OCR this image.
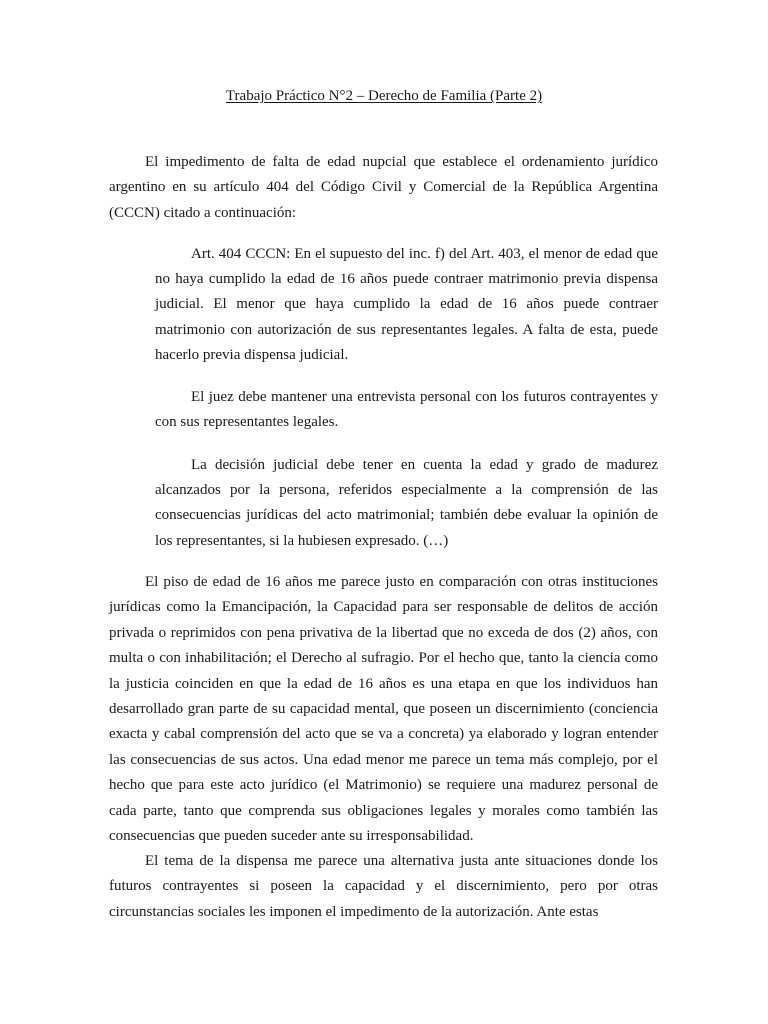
Trabajo Práctico N°2 – Derecho de Familia (Parte 2)

El impedimento de falta de edad nupcial que establece el ordenamiento jurídico argentino en su artículo 404 del Código Civil y Comercial de la República Argentina (CCCN) citado a continuación:

Art. 404 CCCN: En el supuesto del inc. f) del Art. 403, el menor de edad que no haya cumplido la edad de 16 años puede contraer matrimonio previa dispensa judicial. El menor que haya cumplido la edad de 16 años puede contraer matrimonio con autorización de sus representantes legales. A falta de esta, puede hacerlo previa dispensa judicial.

El juez debe mantener una entrevista personal con los futuros contrayentes y con sus representantes legales.

La decisión judicial debe tener en cuenta la edad y grado de madurez alcanzados por la persona, referidos especialmente a la comprensión de las consecuencias jurídicas del acto matrimonial; también debe evaluar la opinión de los representantes, si la hubiesen expresado. (…)

El piso de edad de 16 años me parece justo en comparación con otras instituciones jurídicas como la Emancipación, la Capacidad para ser responsable de delitos de acción privada o reprimidos con pena privativa de la libertad que no exceda de dos (2) años, con multa o con inhabilitación; el Derecho al sufragio. Por el hecho que, tanto la ciencia como la justicia coinciden en que la edad de 16 años es una etapa en que los individuos han desarrollado gran parte de su capacidad mental, que poseen un discernimiento (conciencia exacta y cabal comprensión del acto que se va a concreta) ya elaborado y logran entender las consecuencias de sus actos. Una edad menor me parece un tema más complejo, por el hecho que para este acto jurídico (el Matrimonio) se requiere una madurez personal de cada parte, tanto que comprenda sus obligaciones legales y morales como también las consecuencias que pueden suceder ante su irresponsabilidad.

El tema de la dispensa me parece una alternativa justa ante situaciones donde los futuros contrayentes si poseen la capacidad y el discernimiento, pero por otras circunstancias sociales les imponen el impedimento de la autorización. Ante estas
